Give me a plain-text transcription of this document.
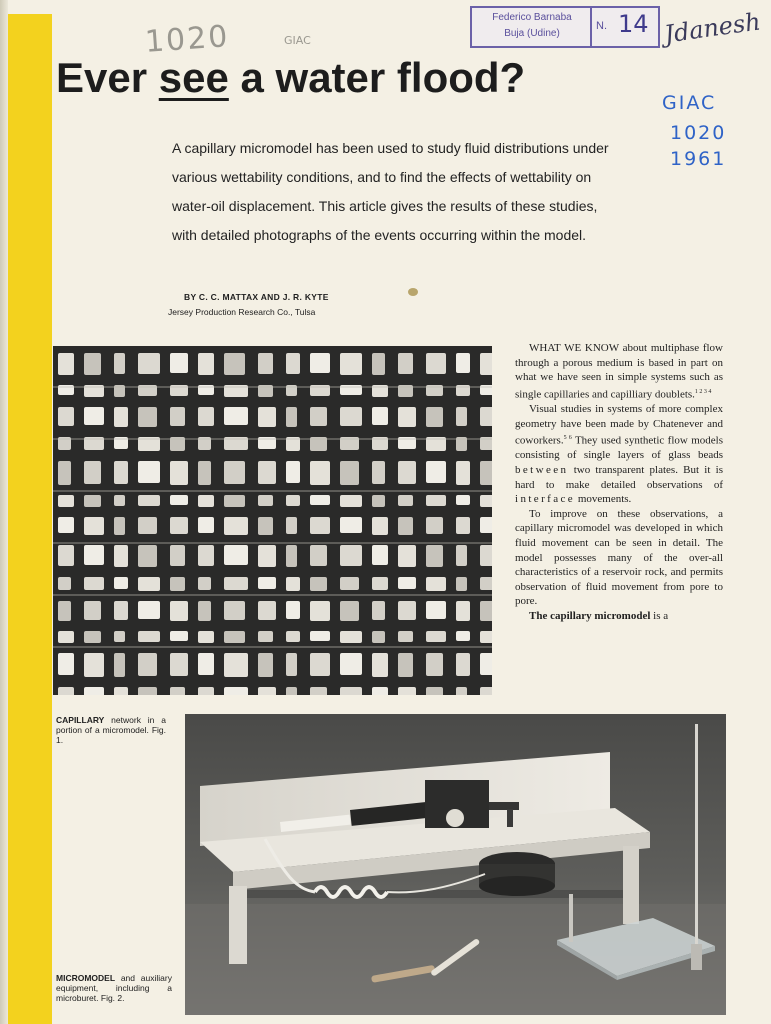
1020	GIAC
Federico Barnaba
Buja (Udine)
N. 14 Jdanesh
GIAC
1020
1961
Ever see a water flood?
A capillary micromodel has been used to study fluid distributions under various wettability conditions, and to find the effects of wettability on water-oil displacement. This article gives the results of these studies, with detailed photographs of the events occurring within the model.
BY C. C. MATTAX AND J. R. KYTE
Jersey Production Research Co., Tulsa

WHAT WE KNOW about multiphase flow through a porous medium is based in part on what we have seen in simple systems such as single capillaries and capilliary doublets.$^{1 2 3 4}$

Visual studies in systems of more complex geometry have been made by Chatenever and coworkers.$^{5 6}$ They used synthetic flow models consisting of single layers of glass beads between two transparent plates. But it is hard to make detailed observations of interface movements.

To improve on these observations, a capillary micromodel was developed in which fluid movement can be seen in detail. The model possesses many of the over-all characteristics of a reservoir rock, and permits observation of fluid movement from pore to pore.

The capillary micromodel is a

CAPILLARY network in a portion of a micromodel. Fig. 1.
MICROMODEL and auxiliary equipment, including a microburet. Fig. 2.
